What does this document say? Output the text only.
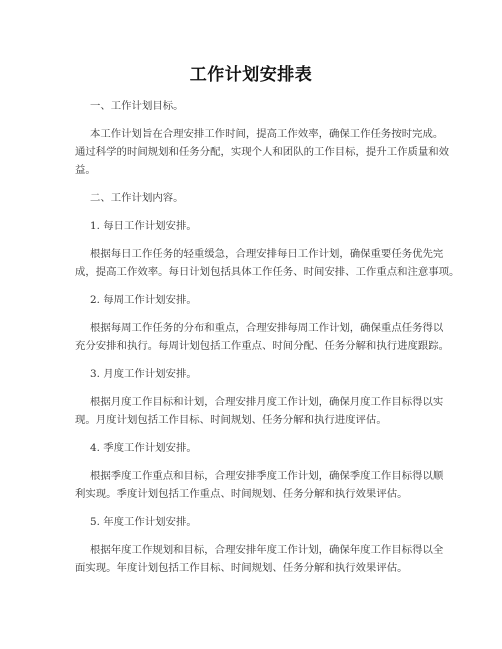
工作计划安排表
一、工作计划目标。
本工作计划旨在合理安排工作时间，提高工作效率，确保工作任务按时完成。
通过科学的时间规划和任务分配，实现个人和团队的工作目标，提升工作质量和效
益。
二、工作计划内容。
1. 每日工作计划安排。
根据每日工作任务的轻重缓急，合理安排每日工作计划，确保重要任务优先完
成，提高工作效率。每日计划包括具体工作任务、时间安排、工作重点和注意事项。
2. 每周工作计划安排。
根据每周工作任务的分布和重点，合理安排每周工作计划，确保重点任务得以
充分安排和执行。每周计划包括工作重点、时间分配、任务分解和执行进度跟踪。
3. 月度工作计划安排。
根据月度工作目标和计划，合理安排月度工作计划，确保月度工作目标得以实
现。月度计划包括工作目标、时间规划、任务分解和执行进度评估。
4. 季度工作计划安排。
根据季度工作重点和目标，合理安排季度工作计划，确保季度工作目标得以顺
利实现。季度计划包括工作重点、时间规划、任务分解和执行效果评估。
5. 年度工作计划安排。
根据年度工作规划和目标，合理安排年度工作计划，确保年度工作目标得以全
面实现。年度计划包括工作目标、时间规划、任务分解和执行效果评估。
